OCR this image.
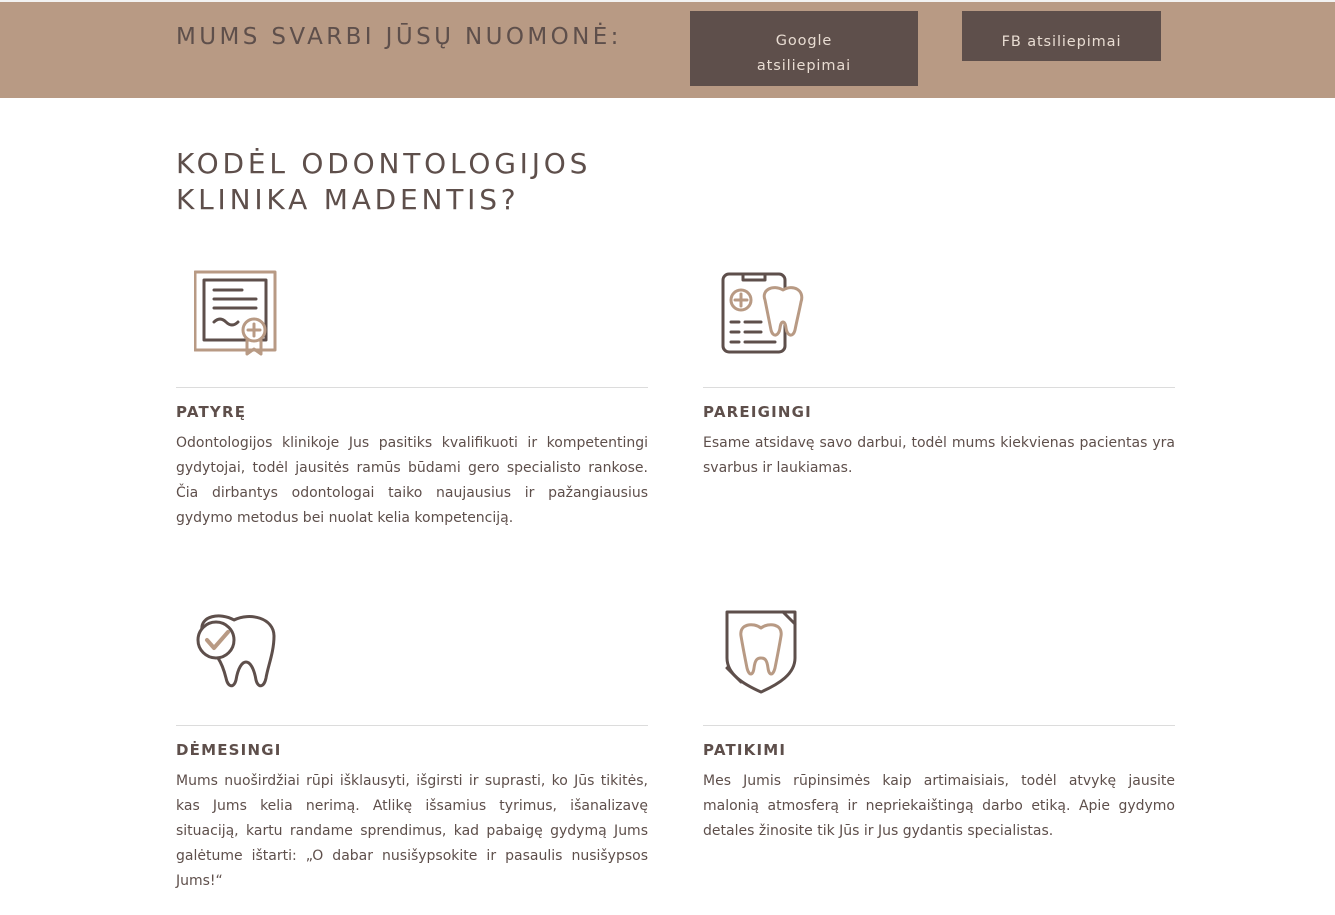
MUMS SVARBI JŪSŲ NUOMONĖ:	Google atsiliepimai
FB atsiliepimai
KODĖL ODONTOLOGIJOS KLINIKA MADENTIS?
PATYRĘ

Odontologijos klinikoje Jus pasitiks kvalifikuoti ir kompetentingi gydytojai, todėl jausitės ramūs būdami gero specialisto rankose. Čia dirbantys odontologai taiko naujausius ir pažangiausius gydymo metodus bei nuolat kelia kompetenciją.

PAREIGINGI

Esame atsidavę savo darbui, todėl mums kiekvienas pacientas yra svarbus ir laukiamas.

DĖMESINGI

Mums nuoširdžiai rūpi išklausyti, išgirsti ir suprasti, ko Jūs tikitės, kas Jums kelia nerimą. Atlikę išsamius tyrimus, išanalizavę situaciją, kartu randame sprendimus, kad pabaigę gydymą Jums galėtume ištarti: „O dabar nusišypsokite ir pasaulis nusišypsos Jums!“

PATIKIMI

Mes Jumis rūpinsimės kaip artimaisiais, todėl atvykę jausite malonią atmosferą ir nepriekaištingą darbo etiką. Apie gydymo detales žinosite tik Jūs ir Jus gydantis specialistas.
